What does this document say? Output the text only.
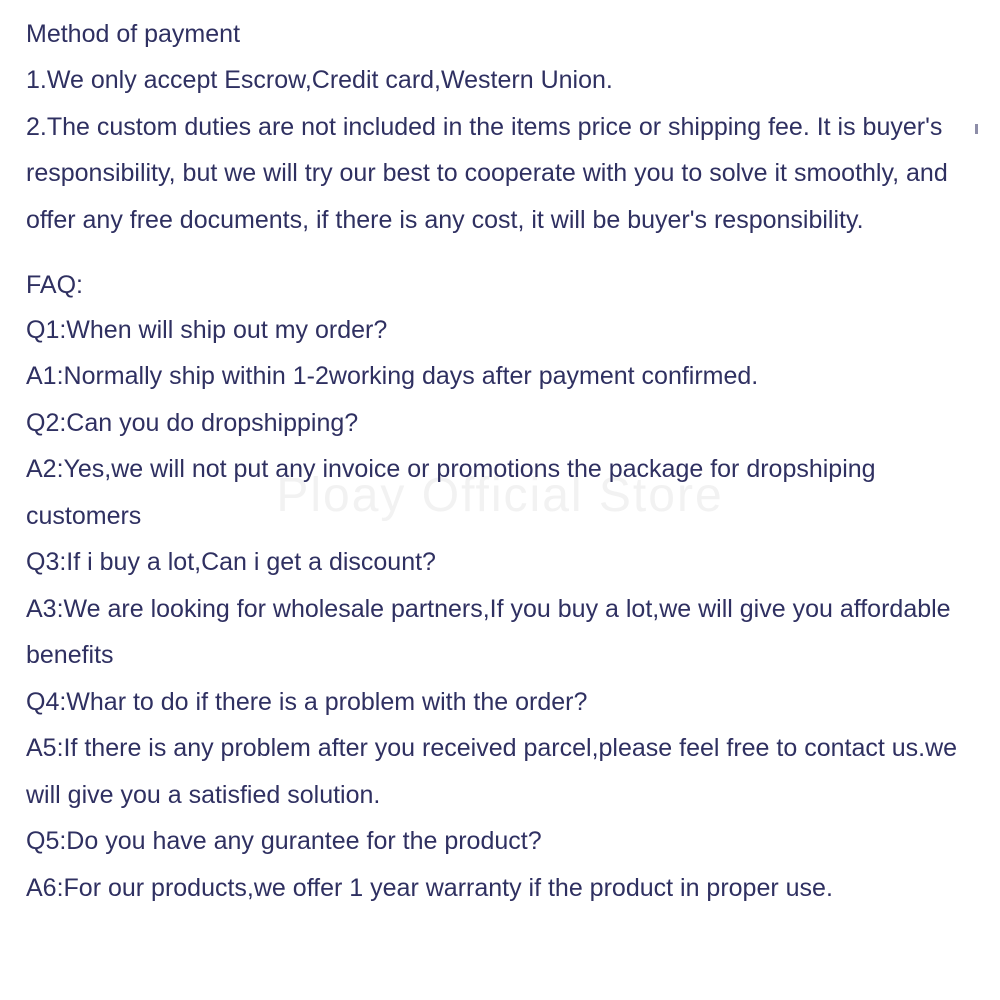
Ploay Official Store
Method of payment

1.We only accept Escrow,Credit card,Western Union.

2.The custom duties are not included in the items price or shipping fee. It is buyer's responsibility, but we will try our best to cooperate with you to solve it smoothly, and offer any free documents, if there is any cost, it will be buyer's responsibility.

FAQ:

Q1:When will ship out my order?

A1:Normally ship within 1-2working days after payment confirmed.

Q2:Can you do dropshipping?

A2:Yes,we will not put any invoice or promotions the package for dropshiping customers

Q3:If i buy a lot,Can i get a discount?

A3:We are looking for wholesale partners,If you buy a lot,we will give you affordable benefits

Q4:Whar to do if there is a problem with the order?

A5:If there is any problem after you received parcel,please feel free to contact us.we will give you a satisfied solution.

Q5:Do you have any gurantee for the product?

A6:For our products,we offer 1 year warranty if the product in proper use.
